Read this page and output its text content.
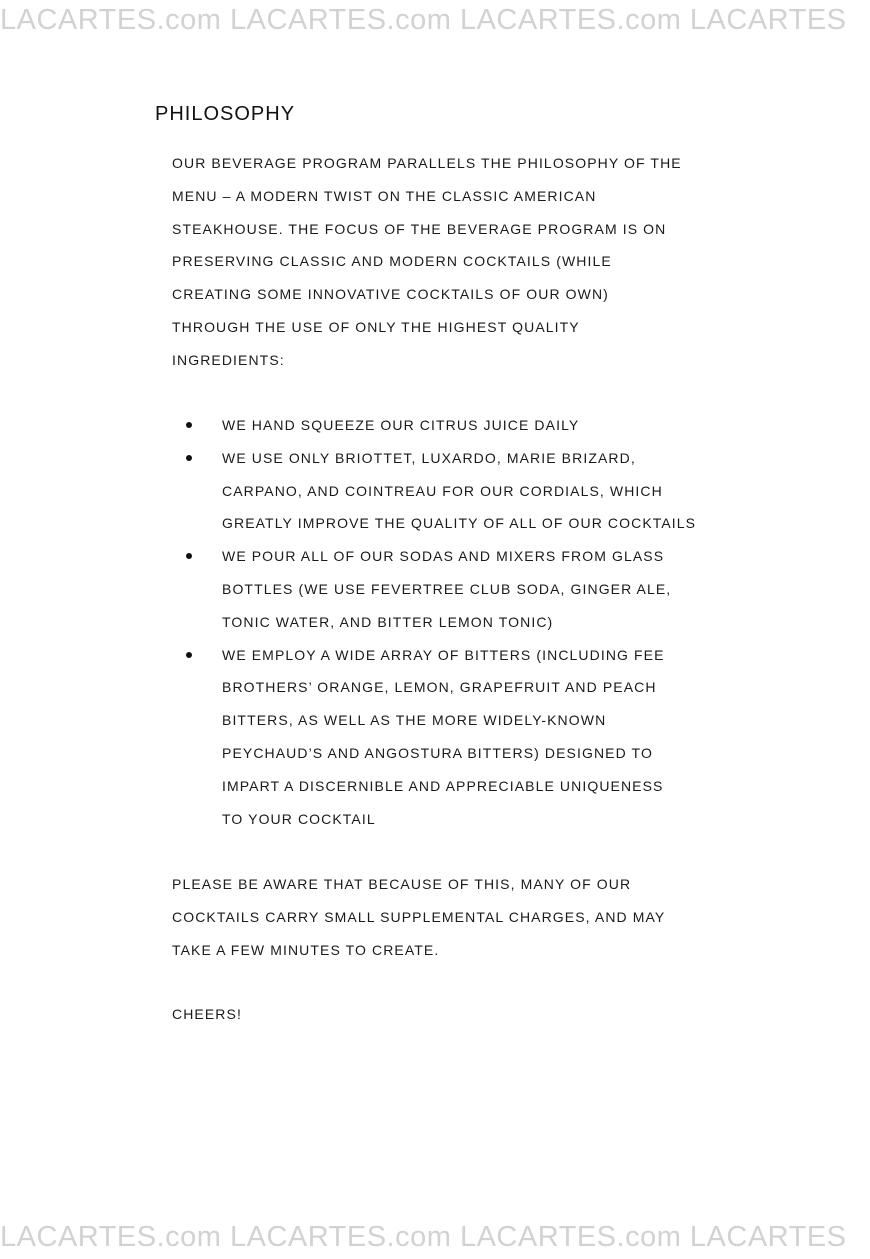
LACARTES.com LACARTES.com LACARTES.com LACARTES
PHILOSOPHY
OUR BEVERAGE PROGRAM PARALLELS THE PHILOSOPHY OF THE
MENU – A MODERN TWIST ON THE CLASSIC AMERICAN
STEAKHOUSE. THE FOCUS OF THE BEVERAGE PROGRAM IS ON
PRESERVING CLASSIC AND MODERN COCKTAILS (WHILE
CREATING SOME INNOVATIVE COCKTAILS OF OUR OWN)
THROUGH THE USE OF ONLY THE HIGHEST QUALITY
INGREDIENTS:
WE HAND SQUEEZE OUR CITRUS JUICE DAILY
WE USE ONLY BRIOTTET, LUXARDO, MARIE BRIZARD,
CARPANO, AND COINTREAU FOR OUR CORDIALS, WHICH
GREATLY IMPROVE THE QUALITY OF ALL OF OUR COCKTAILS
WE POUR ALL OF OUR SODAS AND MIXERS FROM GLASS
BOTTLES (WE USE FEVERTREE CLUB SODA, GINGER ALE,
TONIC WATER, AND BITTER LEMON TONIC)
WE EMPLOY A WIDE ARRAY OF BITTERS (INCLUDING FEE
BROTHERS’ ORANGE, LEMON, GRAPEFRUIT AND PEACH
BITTERS, AS WELL AS THE MORE WIDELY-KNOWN
PEYCHAUD’S AND ANGOSTURA BITTERS) DESIGNED TO
IMPART A DISCERNIBLE AND APPRECIABLE UNIQUENESS
TO YOUR COCKTAIL
PLEASE BE AWARE THAT BECAUSE OF THIS, MANY OF OUR
COCKTAILS CARRY SMALL SUPPLEMENTAL CHARGES, AND MAY
TAKE A FEW MINUTES TO CREATE.
CHEERS!
LACARTES.com LACARTES.com LACARTES.com LACARTES
